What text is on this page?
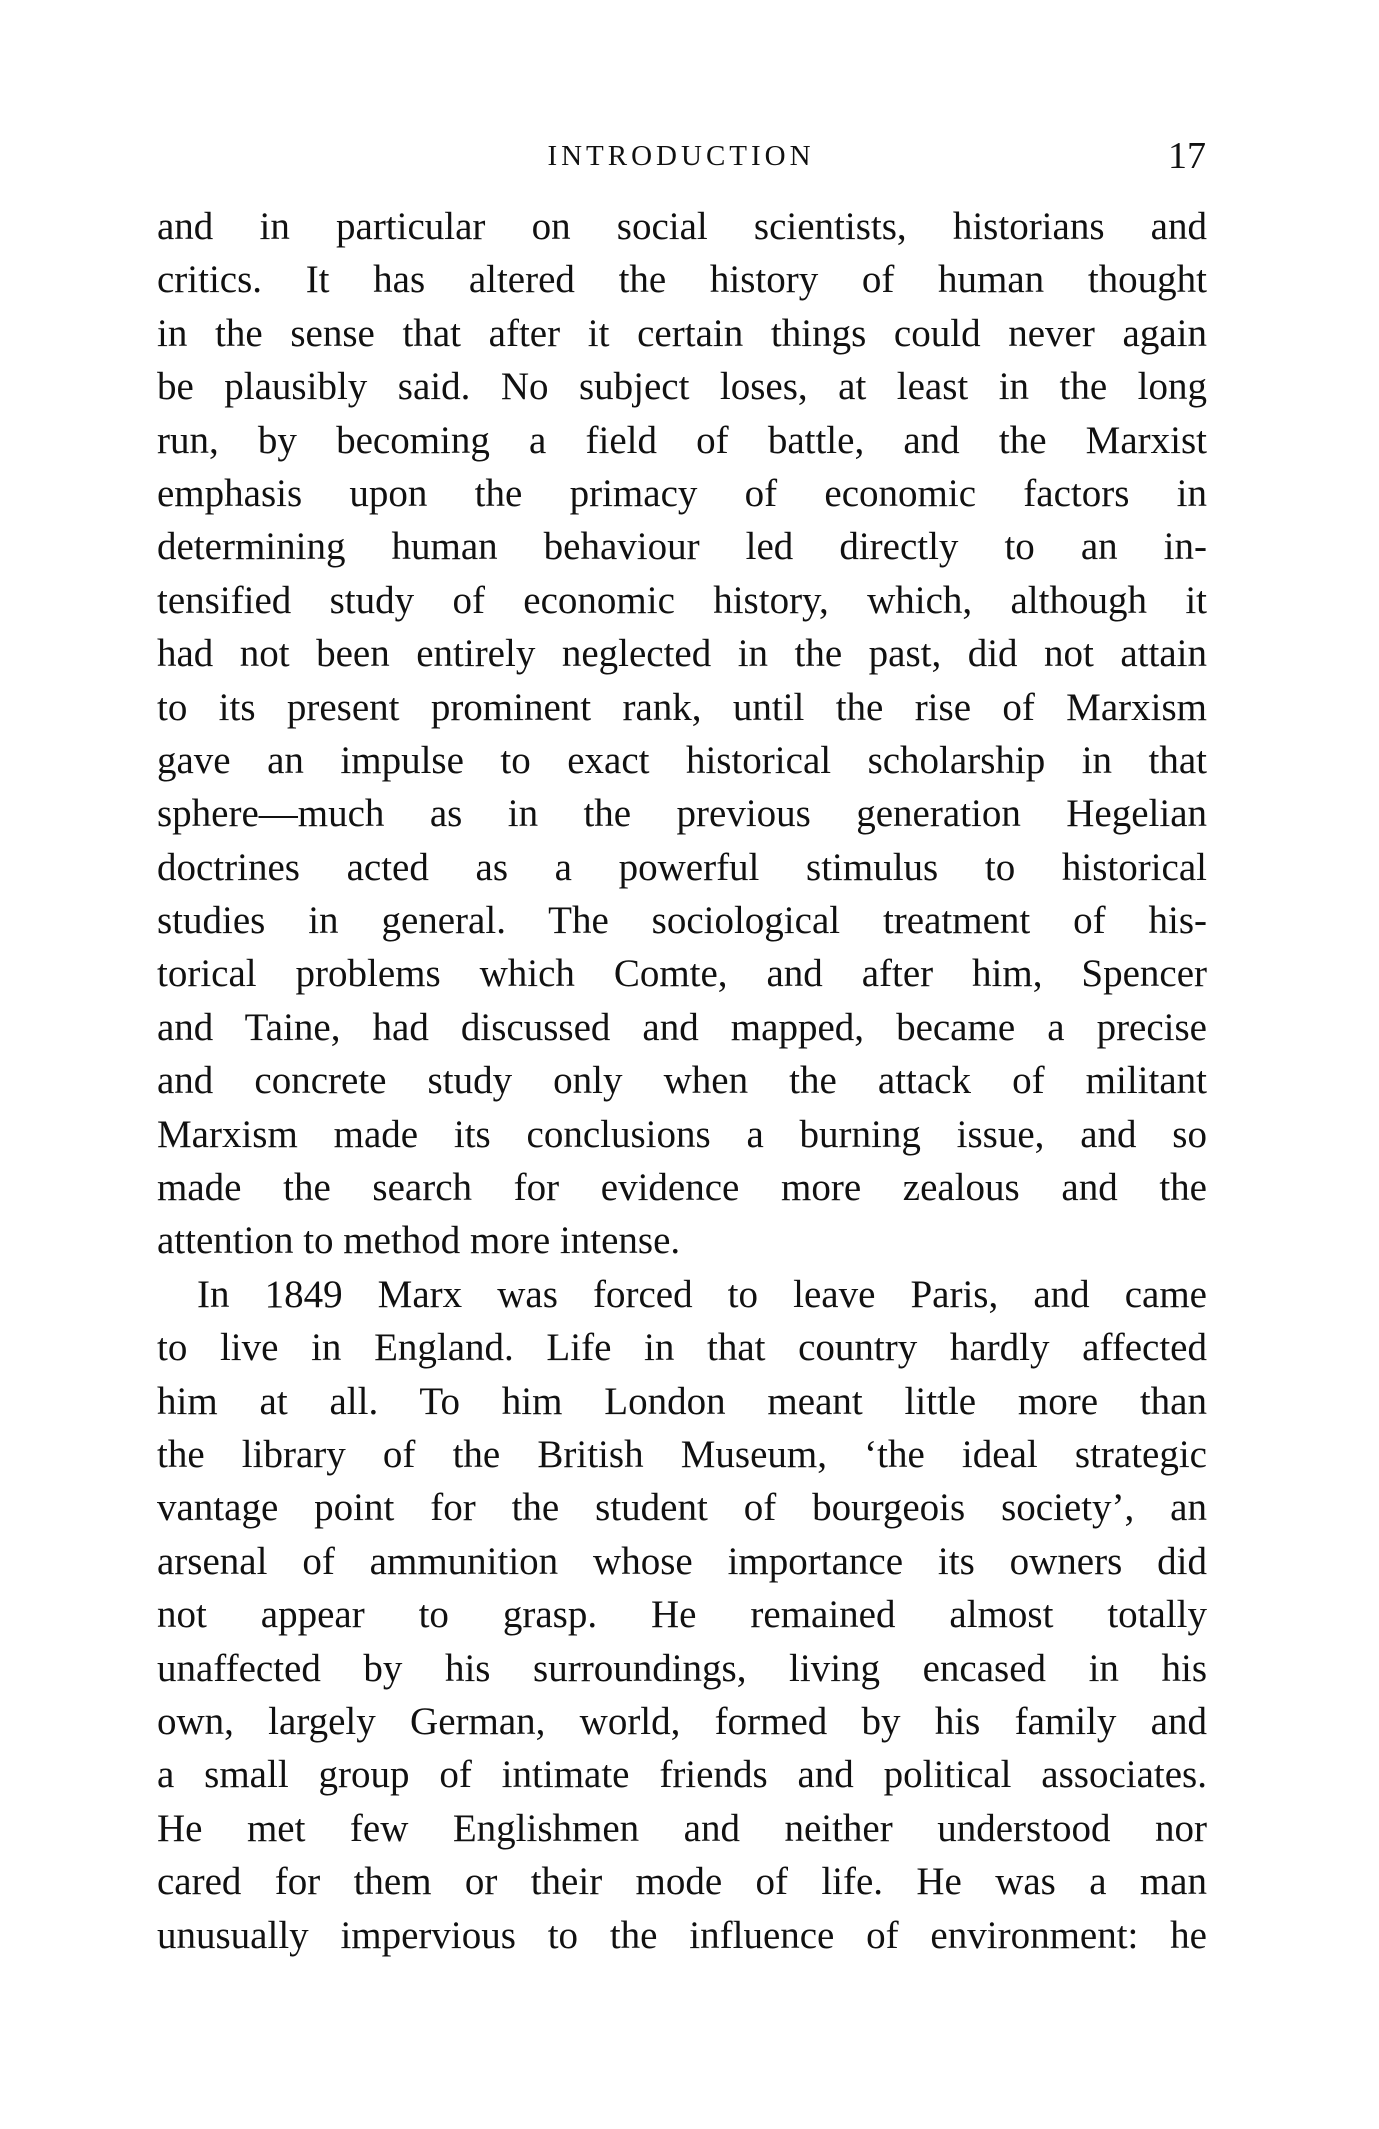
INTRODUCTION	17
and in particular on social scientists, historians and
critics. It has altered the history of human thought
in the sense that after it certain things could never again
be plausibly said. No subject loses, at least in the long
run, by becoming a field of battle, and the Marxist
emphasis upon the primacy of economic factors in
determining human behaviour led directly to an in-
tensified study of economic history, which, although it
had not been entirely neglected in the past, did not attain
to its present prominent rank, until the rise of Marxism
gave an impulse to exact historical scholarship in that
sphere—much as in the previous generation Hegelian
doctrines acted as a powerful stimulus to historical
studies in general. The sociological treatment of his-
torical problems which Comte, and after him, Spencer
and Taine, had discussed and mapped, became a precise
and concrete study only when the attack of militant
Marxism made its conclusions a burning issue, and so
made the search for evidence more zealous and the
attention to method more intense.
In 1849 Marx was forced to leave Paris, and came
to live in England. Life in that country hardly affected
him at all. To him London meant little more than
the library of the British Museum, ‘the ideal strategic
vantage point for the student of bourgeois society’, an
arsenal of ammunition whose importance its owners did
not appear to grasp. He remained almost totally
unaffected by his surroundings, living encased in his
own, largely German, world, formed by his family and
a small group of intimate friends and political associates.
He met few Englishmen and neither understood nor
cared for them or their mode of life. He was a man
unusually impervious to the influence of environment: he
